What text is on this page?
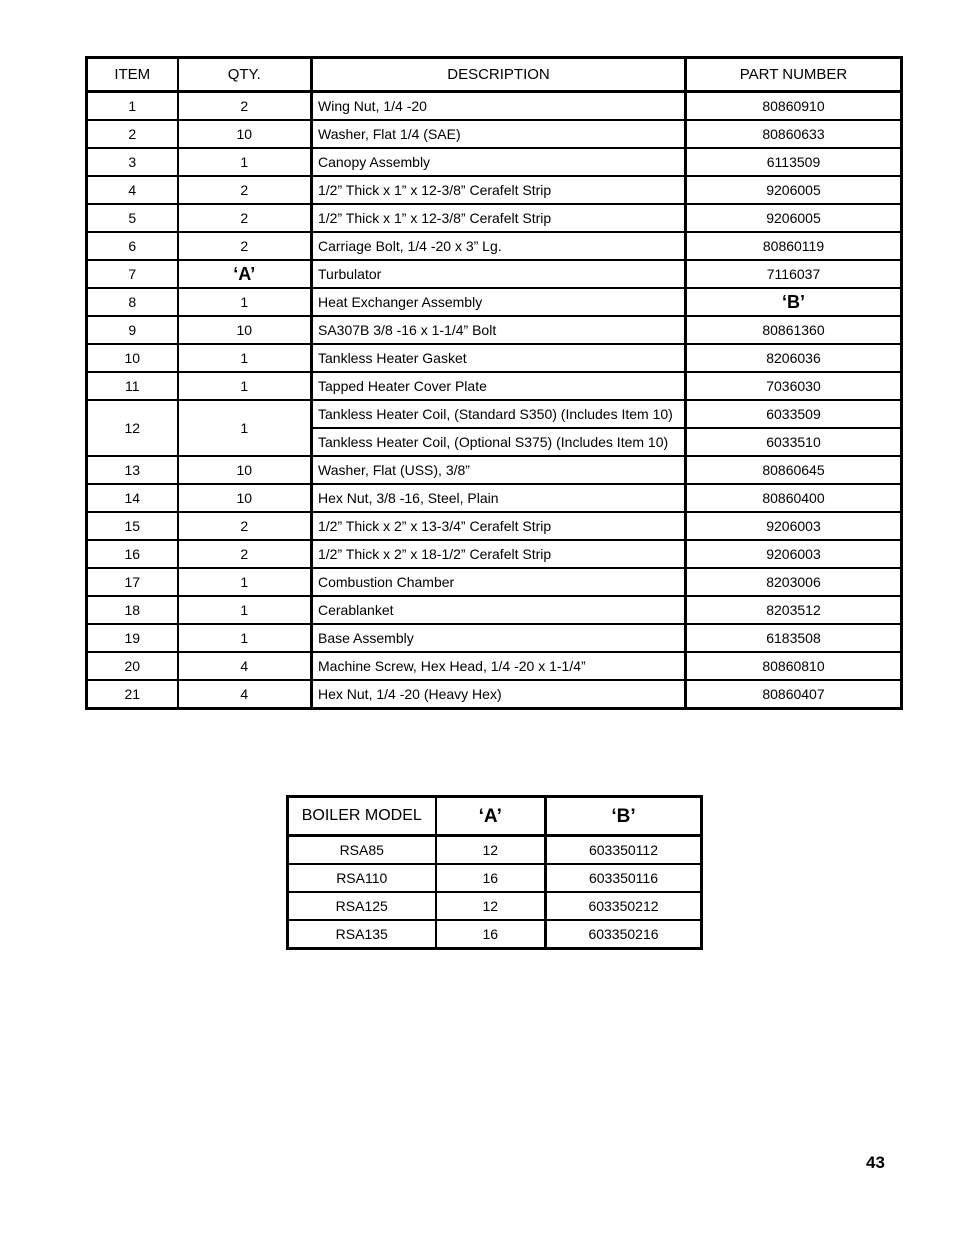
ITEM	QTY.	DESCRIPTION	PART NUMBER
1	2	Wing Nut, 1/4 -20	80860910
2	10	Washer, Flat 1/4 (SAE)	80860633
3	1	Canopy Assembly	6113509
4	2	1/2” Thick x 1” x 12-3/8” Cerafelt Strip	9206005
5	2	1/2” Thick x 1” x 12-3/8” Cerafelt Strip	9206005
6	2	Carriage Bolt, 1/4 -20 x 3” Lg.	80860119
7	‘A’	Turbulator	7116037
8	1	Heat Exchanger Assembly	‘B’
9	10	SA307B 3/8 -16 x 1-1/4” Bolt	80861360
10	1	Tankless Heater Gasket	8206036
11	1	Tapped Heater Cover Plate	7036030
12	1	Tankless Heater Coil, (Standard S350) (Includes Item 10)	6033509
		Tankless Heater Coil, (Optional S375) (Includes Item 10)	6033510
13	10	Washer, Flat (USS), 3/8”	80860645
14	10	Hex Nut, 3/8 -16, Steel, Plain	80860400
15	2	1/2” Thick x 2” x 13-3/4” Cerafelt Strip	9206003
16	2	1/2” Thick x 2” x 18-1/2” Cerafelt Strip	9206003
17	1	Combustion Chamber	8203006
18	1	Cerablanket	8203512
19	1	Base Assembly	6183508
20	4	Machine Screw, Hex Head, 1/4 -20 x 1-1/4”	80860810
21	4	Hex Nut, 1/4 -20 (Heavy Hex)	80860407
BOILER MODEL	‘A’	‘B’
RSA85	12	603350112
RSA110	16	603350116
RSA125	12	603350212
RSA135	16	603350216
43
